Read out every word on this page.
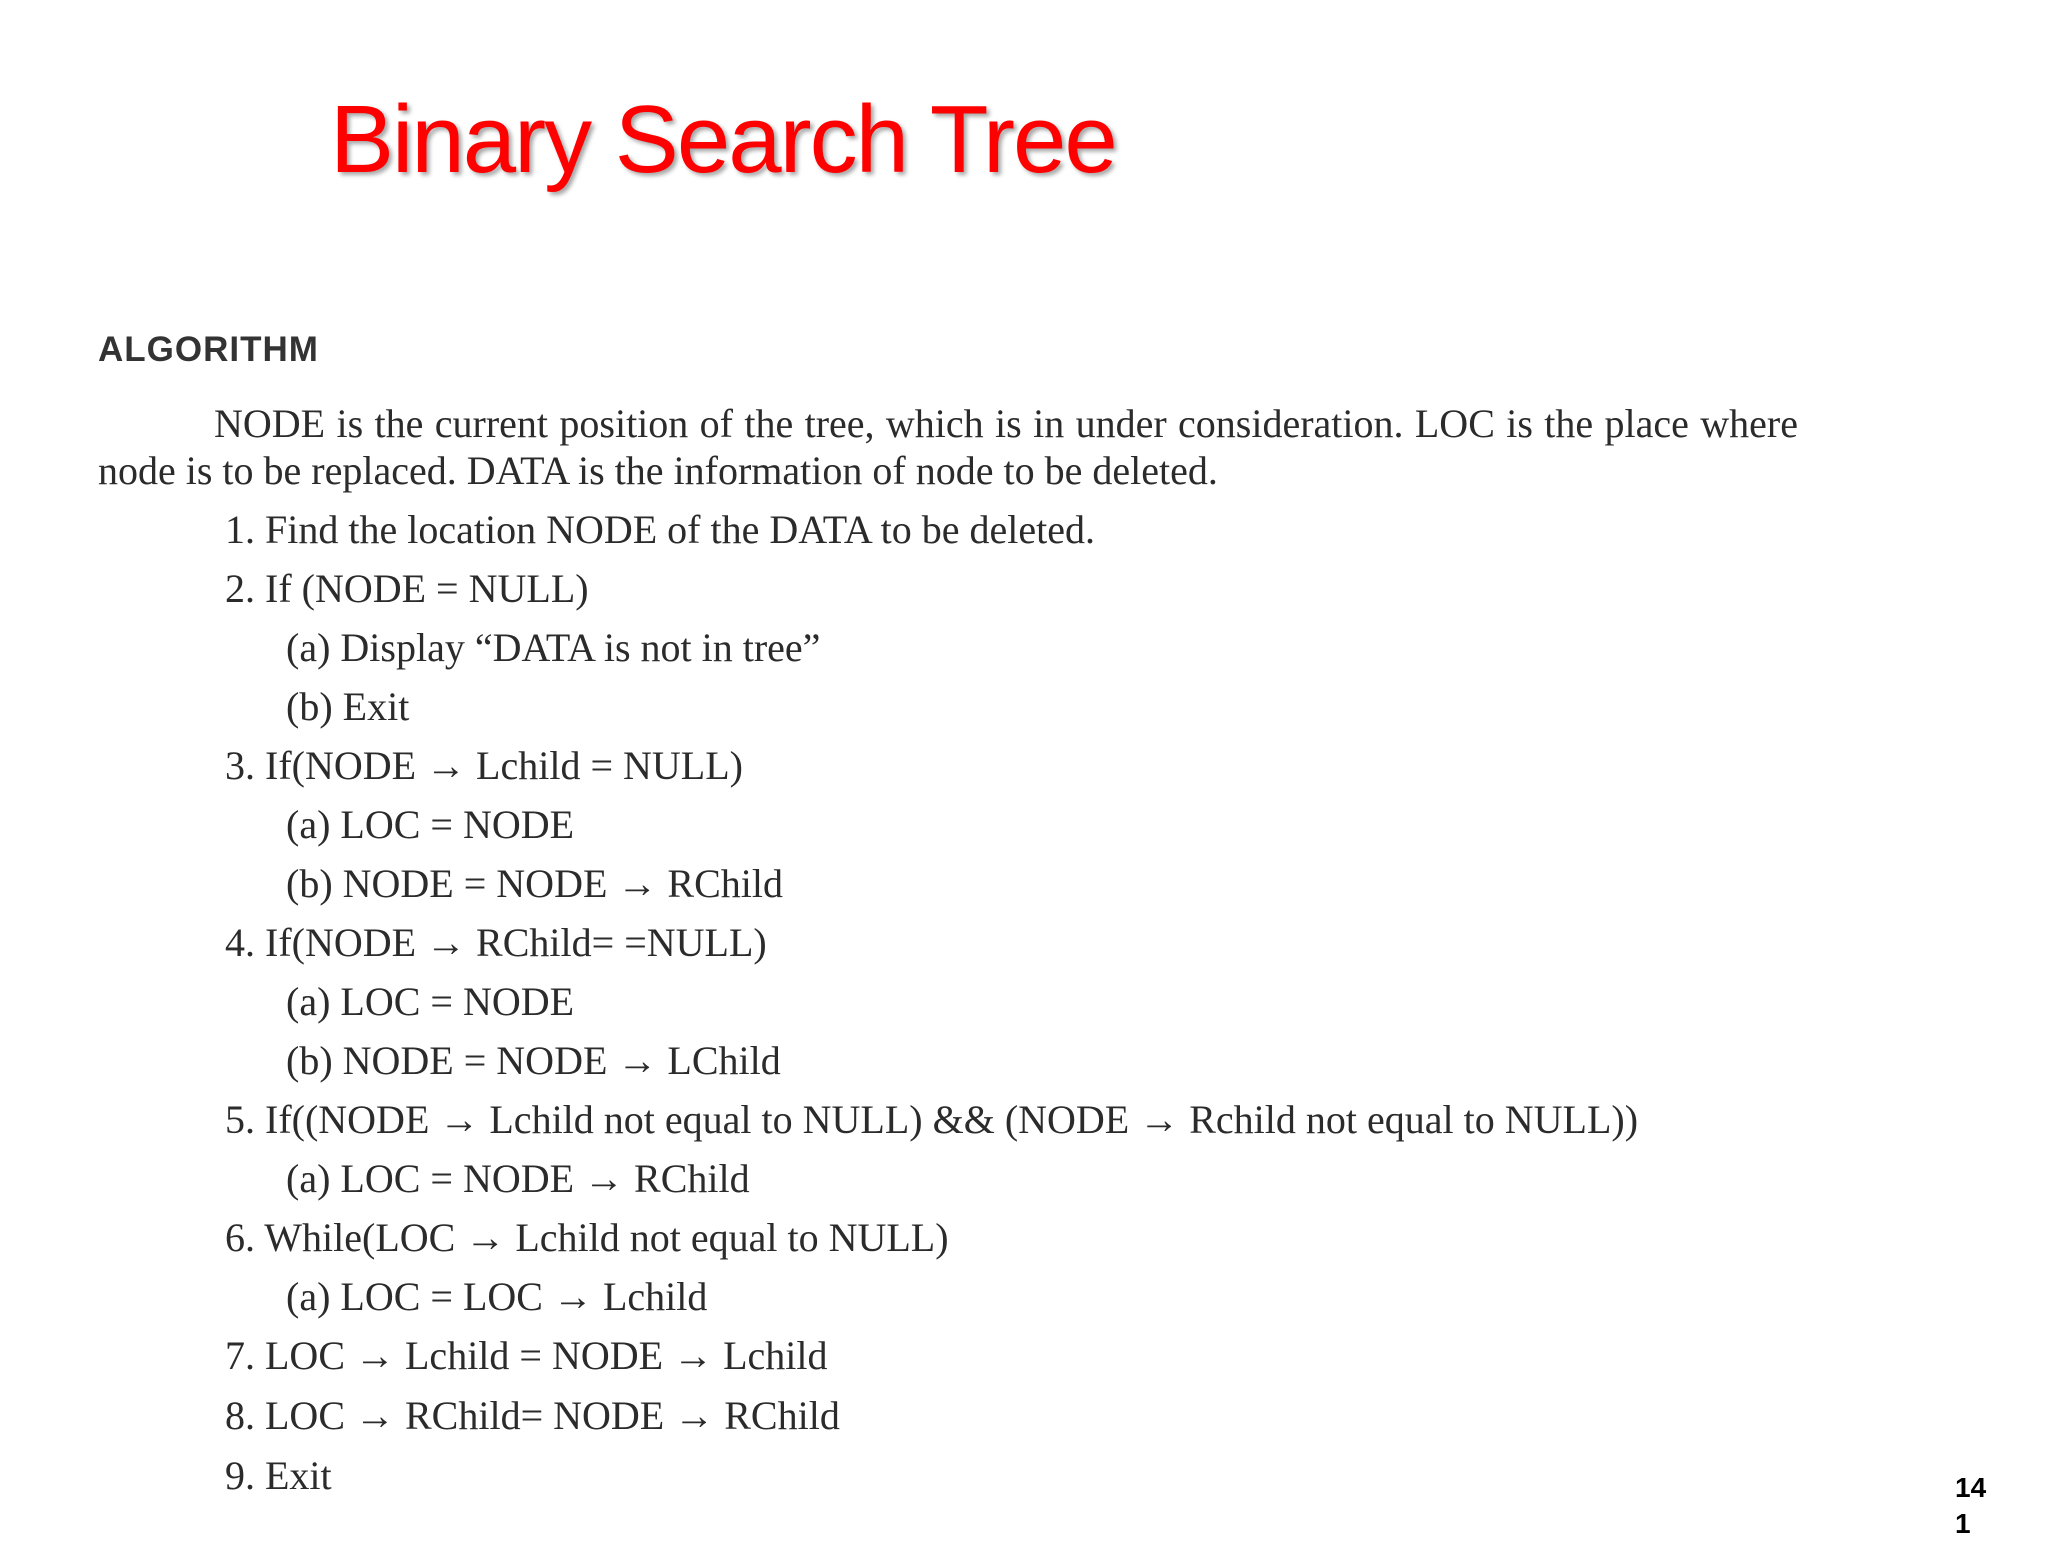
Binary Search Tree
ALGORITHM
NODE is the current position of the tree, which is in under consideration. LOC is the place where node is to be replaced. DATA is the information of node to be deleted.
1. Find the location NODE of the DATA to be deleted.
2. If (NODE = NULL)
(a) Display “DATA is not in tree”
(b) Exit
3. If(NODE → Lchild = NULL)
(a) LOC = NODE
(b) NODE = NODE → RChild
4. If(NODE → RChild= =NULL)
(a) LOC = NODE
(b) NODE = NODE → LChild
5. If((NODE → Lchild not equal to NULL) && (NODE → Rchild not equal to NULL))
(a) LOC = NODE → RChild
6. While(LOC → Lchild not equal to NULL)
(a) LOC = LOC → Lchild
7. LOC → Lchild = NODE → Lchild
8. LOC → RChild= NODE → RChild
9. Exit	14
1
